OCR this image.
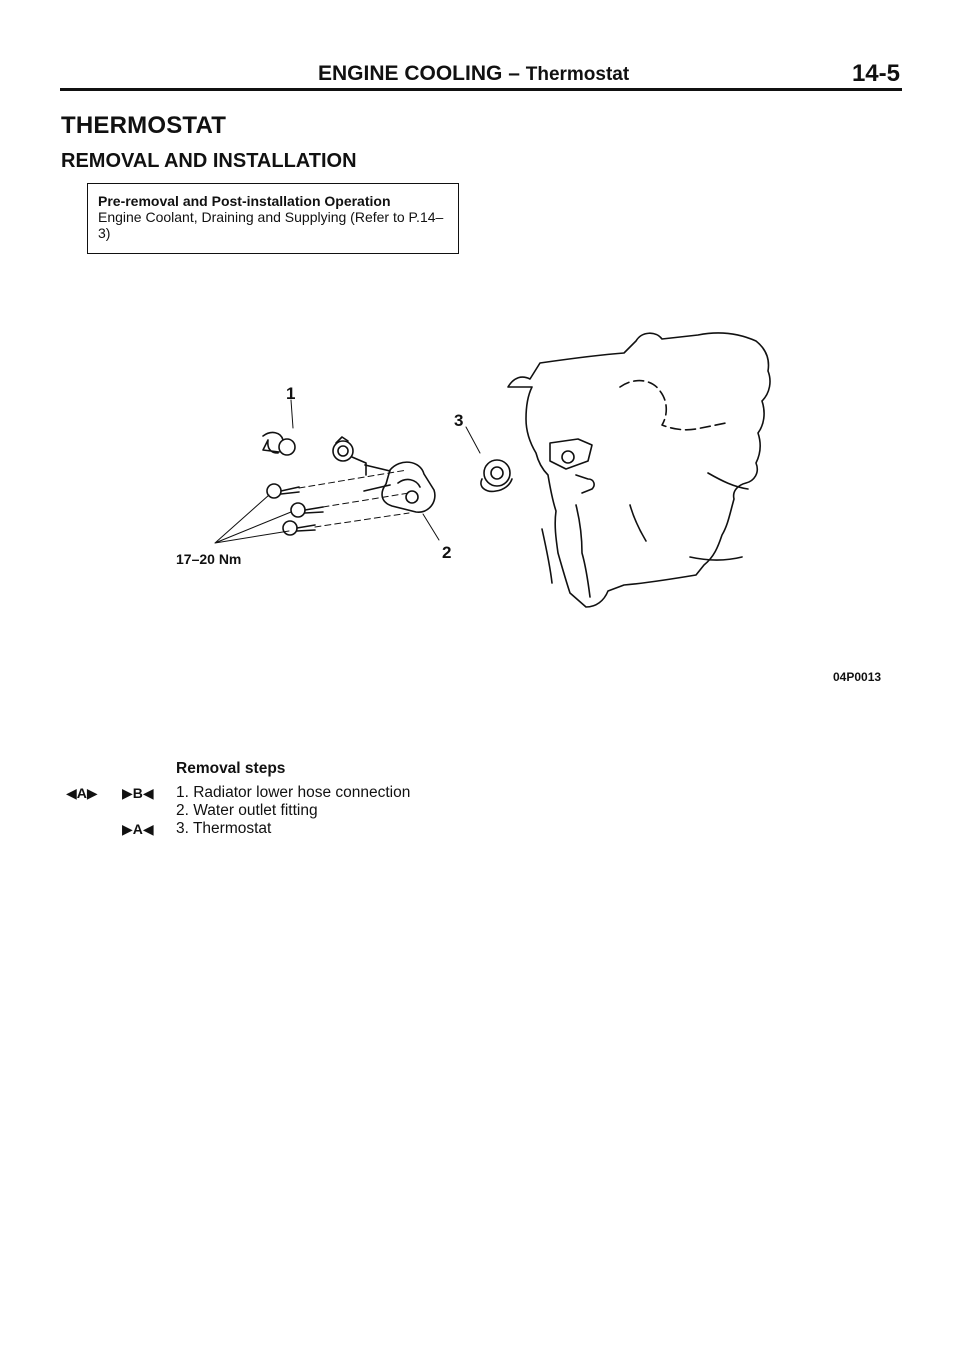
ENGINE COOLING – Thermostat	14-5
THERMOSTAT
REMOVAL AND INSTALLATION
Pre-removal and Post-installation Operation
Engine Coolant, Draining and Supplying (Refer to P.14–3)
1
2
3
17–20 Nm
04P0013
Removal steps
◀A▶ ▶B◀ 1. Radiator lower hose connection
2. Water outlet fitting
▶A◀ 3. Thermostat
